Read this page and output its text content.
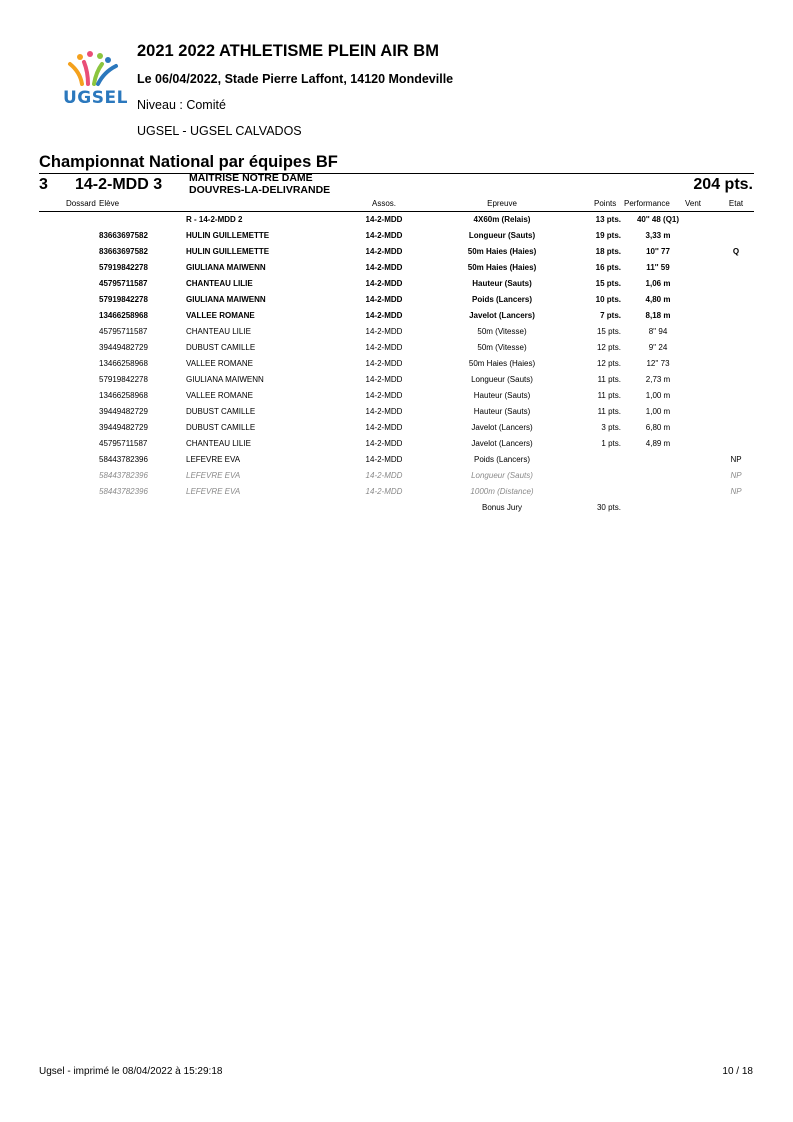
UGSEL
2021 2022 ATHLETISME PLEIN AIR BM
Le 06/04/2022, Stade Pierre Laffont, 14120 Mondeville
Niveau : Comité
UGSEL - UGSEL CALVADOS
Championnat National par équipes BF
3 14-2-MDD 3	MAITRISE NOTRE DAME
DOUVRES-LA-DELIVRANDE	204 pts.
Dossard Elève	Assos.	Epreuve	Points Performance Vent	Etat
R - 14-2-MDD 2	14-2-MDD	4X60m (Relais)	13 pts. 40'' 48 (Q1)
83663697582	HULIN GUILLEMETTE	14-2-MDD	Longueur (Sauts)	19 pts.	3,33 m
83663697582	HULIN GUILLEMETTE	14-2-MDD	50m Haies (Haies)	18 pts.	10'' 77	Q
57919842278	GIULIANA MAIWENN	14-2-MDD	50m Haies (Haies)	16 pts.	11'' 59
45795711587	CHANTEAU LILIE	14-2-MDD	Hauteur (Sauts)	15 pts.	1,06 m
57919842278	GIULIANA MAIWENN	14-2-MDD	Poids (Lancers)	10 pts.	4,80 m
13466258968	VALLEE ROMANE	14-2-MDD	Javelot (Lancers)	7 pts.	8,18 m
45795711587	CHANTEAU LILIE	14-2-MDD	50m (Vitesse)	15 pts.	8'' 94
39449482729	DUBUST CAMILLE	14-2-MDD	50m (Vitesse)	12 pts.	9'' 24
13466258968	VALLEE ROMANE	14-2-MDD	50m Haies (Haies)	12 pts.	12'' 73
57919842278	GIULIANA MAIWENN	14-2-MDD	Longueur (Sauts)	11 pts.	2,73 m
13466258968	VALLEE ROMANE	14-2-MDD	Hauteur (Sauts)	11 pts.	1,00 m
39449482729	DUBUST CAMILLE	14-2-MDD	Hauteur (Sauts)	11 pts.	1,00 m
39449482729	DUBUST CAMILLE	14-2-MDD	Javelot (Lancers)	3 pts.	6,80 m
45795711587	CHANTEAU LILIE	14-2-MDD	Javelot (Lancers)	1 pts.	4,89 m
58443782396	LEFEVRE EVA	14-2-MDD	Poids (Lancers)	NP
58443782396	LEFEVRE EVA	14-2-MDD	Longueur (Sauts)	NP
58443782396	LEFEVRE EVA	14-2-MDD	1000m (Distance)	NP
Bonus Jury	30 pts.
Ugsel - imprimé le 08/04/2022 à 15:29:18	10 / 18
